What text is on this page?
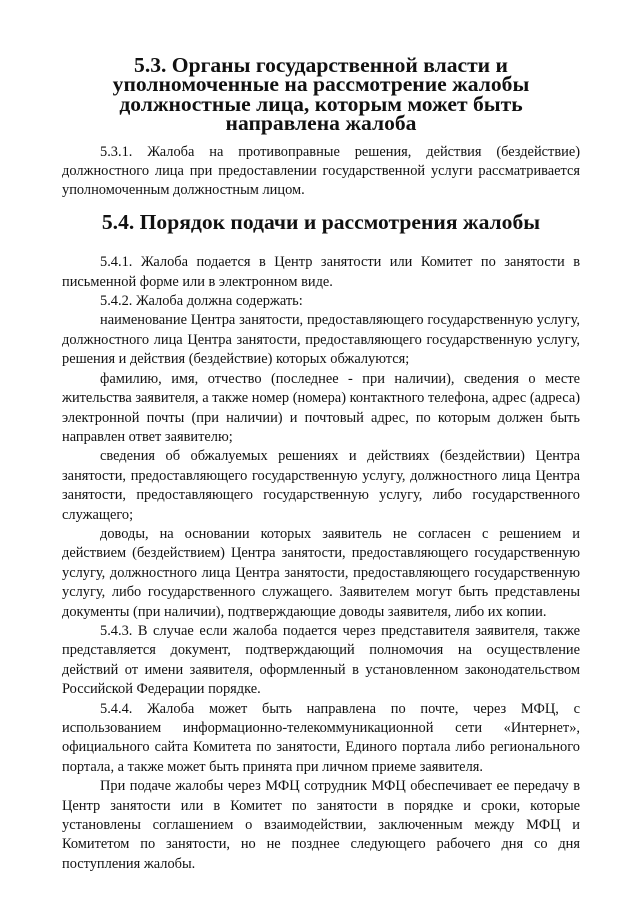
5.3. Органы государственной власти и уполномоченные на рассмотрение жалобы должностные лица, которым может быть направлена жалоба

5.3.1. Жалоба на противоправные решения, действия (бездействие) должностного лица при предоставлении государственной услуги рассматривается уполномоченным должностным лицом.

5.4. Порядок подачи и рассмотрения жалобы

5.4.1. Жалоба подается в Центр занятости или Комитет по занятости в письменной форме или в электронном виде.

5.4.2. Жалоба должна содержать:

наименование Центра занятости, предоставляющего государственную услугу, должностного лица Центра занятости, предоставляющего государственную услугу, решения и действия (бездействие) которых обжалуются;

фамилию, имя, отчество (последнее - при наличии), сведения о месте жительства заявителя, а также номер (номера) контактного телефона, адрес (адреса) электронной почты (при наличии) и почтовый адрес, по которым должен быть направлен ответ заявителю;

сведения об обжалуемых решениях и действиях (бездействии) Центра занятости, предоставляющего государственную услугу, должностного лица Центра занятости, предоставляющего государственную услугу, либо государственного служащего;

доводы, на основании которых заявитель не согласен с решением и действием (бездействием) Центра занятости, предоставляющего государственную услугу, должностного лица Центра занятости, предоставляющего государственную услугу, либо государственного служащего. Заявителем могут быть представлены документы (при наличии), подтверждающие доводы заявителя, либо их копии.

5.4.3. В случае если жалоба подается через представителя заявителя, также представляется документ, подтверждающий полномочия на осуществление действий от имени заявителя, оформленный в установленном законодательством Российской Федерации порядке.

5.4.4. Жалоба может быть направлена по почте, через МФЦ, с использованием информационно-телекоммуникационной сети «Интернет», официального сайта Комитета по занятости, Единого портала либо регионального портала, а также может быть принята при личном приеме заявителя.

При подаче жалобы через МФЦ сотрудник МФЦ обеспечивает ее передачу в Центр занятости или в Комитет по занятости в порядке и сроки, которые установлены соглашением о взаимодействии, заключенным между МФЦ и Комитетом по занятости, но не позднее следующего рабочего дня со дня поступления жалобы.
